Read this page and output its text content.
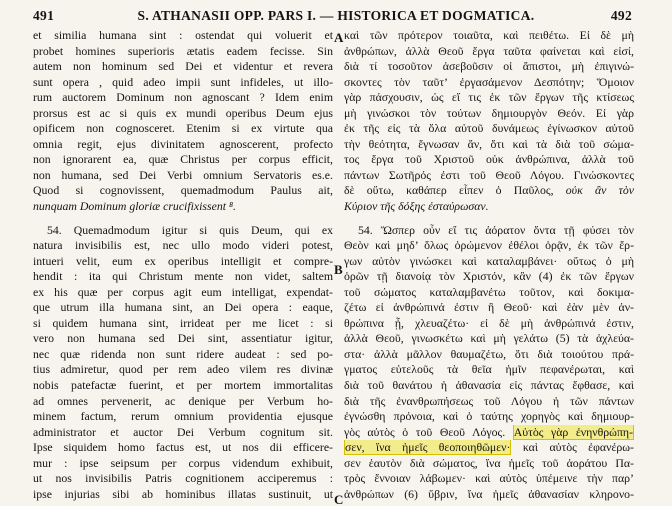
491	S. ATHANASII OPP. PARS I. — HISTORICA ET DOGMATICA.	492
A
B
C
et similia humana sint : ostendat qui voluerit et
probet homines superioris ætatis eadem fecisse. Sin
autem non hominum sed Dei et videntur et revera
sunt opera , quid adeo impii sunt infideles, ut illo-
rum auctorem Dominum non agnoscant ? Idem enim
prorsus est ac si quis ex mundi operibus Deum ejus
opificem non cognosceret. Etenim si ex virtute qua
omnia regit, ejus divinitatem agnoscerent, profecto
non ignorarent ea, quæ Christus per corpus efficit,
non humana, sed Dei Verbi omnium Servatoris es.e.
Quod si cognovissent, quemadmodum Paulus ait,
nunquam Dominum gloriæ crucifixissent ⁸.
54. Quemadmodum igitur si quis Deum, qui ex
natura invisibilis est, nec ullo modo videri potest,
intueri velit, eum ex operibus intelligit et compre-
hendit : ita qui Christum mente non videt, saltem
ex his quæ per corpus agit eum intelligat, expendat-
que utrum illa humana sint, an Dei opera : eaque,
si quidem humana sint, irrideat per me licet : si
vero non humana sed Dei sint, assentiatur igitur,
nec quæ ridenda non sunt ridere audeat : sed po-
tius admiretur, quod per rem adeo vilem res divinæ
nobis patefactæ fuerint, et per mortem immortalitas
ad omnes pervenerit, ac denique per Verbum ho-
minem factum, rerum omnium providentia ejusque
administrator et auctor Dei Verbum cognitum sit.
Ipse siquidem homo factus est, ut nos dii efficere-
mur : ipse seipsum per corpus videndum exhibuit,
ut nos invisibilis Patris cognitionem acciperemus :
ipse injurias sibi ab hominibus illatas sustinuit, ut
καὶ τῶν πρότερον τοιαῦτα, καὶ πειθέτω. Εἰ δὲ μὴ
ἀνθρώπων, ἀλλὰ Θεοῦ ἔργα ταῦτα φαίνεται καὶ εἰσί,
διὰ τί τοσοῦτον ἀσεβοῦσιν οἱ ἄπιστοι, μὴ ἐπιγινώ-
σκοντες τὸν ταῦτ’ ἐργασάμενον Δεσπότην; Ὅμοιον
γὰρ πάσχουσιν, ὡς εἴ τις ἐκ τῶν ἔργων τῆς κτίσεως
μὴ γινώσκοι τὸν τούτων δημιουργὸν Θεόν. Εἰ γὰρ
ἐκ τῆς εἰς τὰ ὅλα αὐτοῦ δυνάμεως ἐγίνωσκον αὐτοῦ
τὴν θεότητα, ἔγνωσαν ἄν, ὅτι καὶ τὰ διὰ τοῦ σώμα-
τος ἔργα τοῦ Χριστοῦ οὐκ ἀνθρώπινα, ἀλλὰ τοῦ
πάντων Σωτῆρός ἐστι τοῦ Θεοῦ Λόγου. Γινώσκοντες
δὲ οὕτω, καθάπερ εἶπεν ὁ Παῦλος, οὐκ ἂν τὸν
Κύριον τῆς δόξης ἐσταύρωσαν.
54. Ὥσπερ οὖν εἴ τις ἀόρατον ὄντα τῇ φύσει τὸν
Θεὸν καὶ μηδ’ ὅλως ὁρώμενον ἐθέλοι ὁρᾷν, ἐκ τῶν ἔρ-
γων αὐτὸν γινώσκει καὶ καταλαμβάνει· οὕτως ὁ μὴ
ὁρῶν τῇ διανοίᾳ τὸν Χριστόν, κἂν (4) ἐκ τῶν ἔργων
τοῦ σώματος καταλαμβανέτω τοῦτον, καὶ δοκιμα-
ζέτω εἰ ἀνθρώπινά ἐστιν ἢ Θεοῦ· καὶ ἐὰν μὲν ἀν-
θρώπινα ᾖ, χλευαζέτω· εἰ δὲ μὴ ἀνθρώπινά ἐστιν,
ἀλλὰ Θεοῦ, γινωσκέτω καὶ μὴ γελάτω (5) τὰ ἀχλεύα-
στα· ἀλλὰ μᾶλλον θαυμαζέτω, ὅτι διὰ τοιούτου πρά-
γματος εὐτελοῦς τὰ θεῖα ἡμῖν πεφανέρωται, καὶ
διὰ τοῦ θανάτου ἡ ἀθανασία εἰς πάντας ἔφθασε, καὶ
διὰ τῆς ἐνανθρωπήσεως τοῦ Λόγου ἡ τῶν πάντων
ἐγνώσθη πρόνοια, καὶ ὁ ταύτης χορηγὸς καὶ δημιουρ-
γὸς αὐτὸς ὁ τοῦ Θεοῦ Λόγος. Αὐτὸς γὰρ ἐνηνθρώπη-
σεν, ἵνα ἡμεῖς θεοποιηθῶμεν· καὶ αὐτὸς ἐφανέρω-
σεν ἑαυτὸν διὰ σώματος, ἵνα ἡμεῖς τοῦ ἀοράτου Πα-
τρὸς ἔννοιαν λάβωμεν· καὶ αὐτὸς ὑπέμεινε τὴν παρ’
ἀνθρώπων (6) ὕβριν, ἵνα ἡμεῖς ἀθανασίαν κληρονο-
